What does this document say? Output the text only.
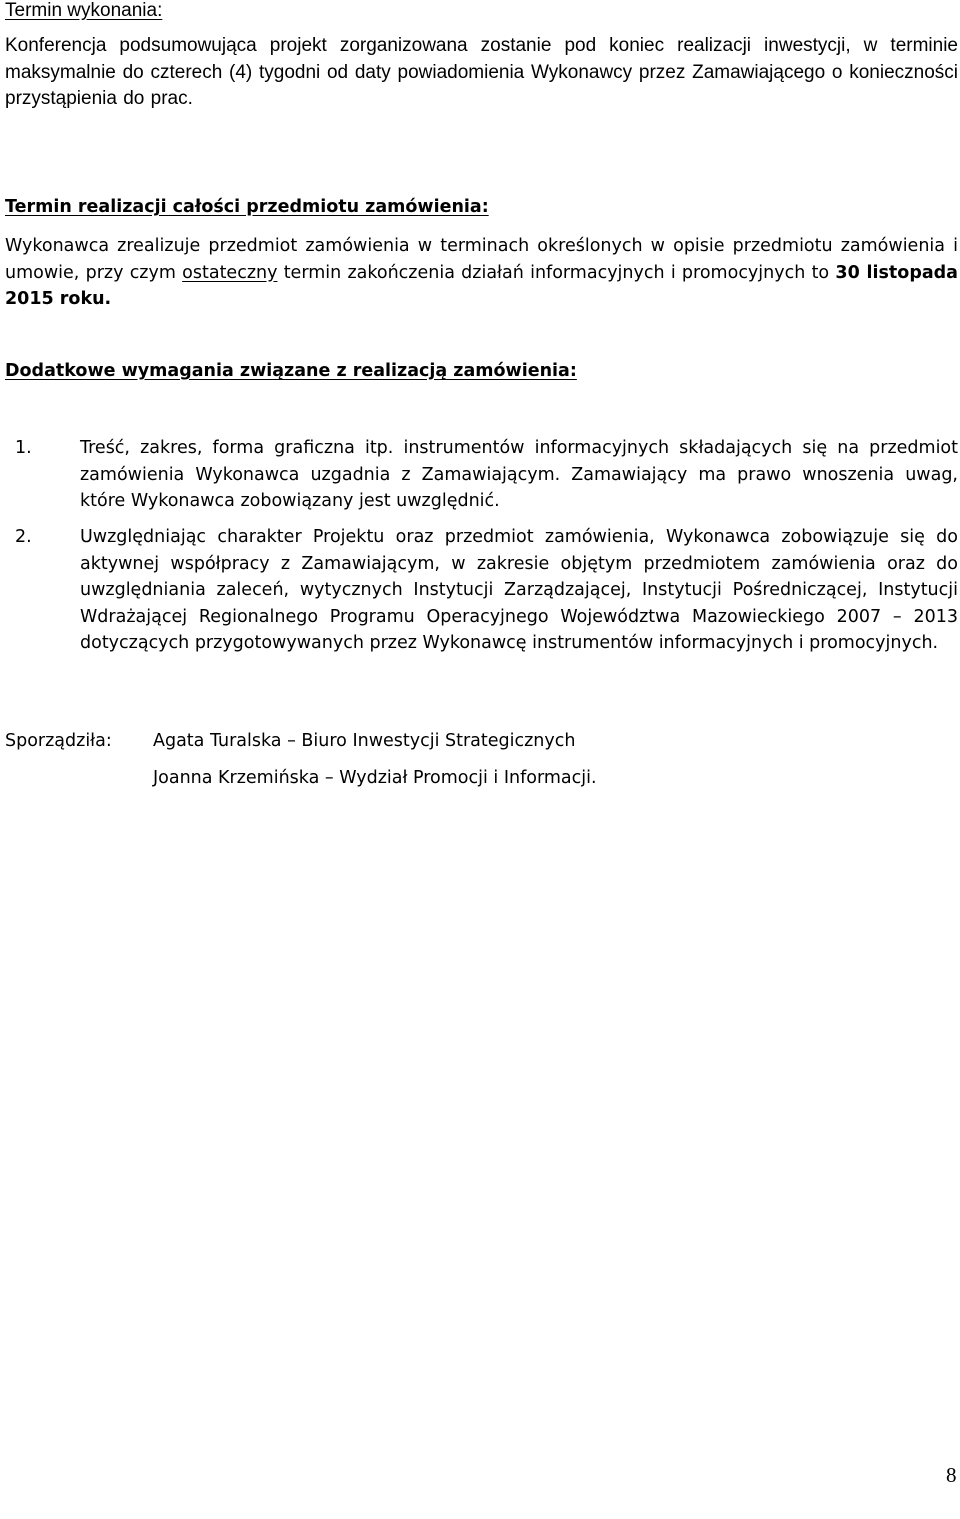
Termin wykonania:
Konferencja podsumowująca projekt zorganizowana zostanie pod koniec realizacji inwestycji, w terminie maksymalnie do czterech (4) tygodni od daty powiadomienia Wykonawcy przez Zamawiającego o konieczności przystąpienia do prac.
Termin realizacji całości przedmiotu zamówienia:
Wykonawca zrealizuje przedmiot zamówienia w terminach określonych w opisie przedmiotu zamówienia i umowie, przy czym ostateczny termin zakończenia działań informacyjnych i promocyjnych to 30 listopada 2015 roku.
Dodatkowe wymagania związane z realizacją zamówienia:
1.	Treść, zakres, forma graficzna itp. instrumentów informacyjnych składających się na przedmiot zamówienia Wykonawca uzgadnia z Zamawiającym. Zamawiający ma prawo wnoszenia uwag, które Wykonawca zobowiązany jest uwzględnić.
2.	Uwzględniając charakter Projektu oraz przedmiot zamówienia, Wykonawca zobowiązuje się do aktywnej współpracy z Zamawiającym, w zakresie objętym przedmiotem zamówienia oraz do uwzględniania zaleceń, wytycznych Instytucji Zarządzającej, Instytucji Pośredniczącej, Instytucji Wdrażającej Regionalnego Programu Operacyjnego Województwa Mazowieckiego 2007 – 2013 dotyczących przygotowywanych przez Wykonawcę instrumentów informacyjnych i promocyjnych.
Sporządziła: Agata Turalska – Biuro Inwestycji Strategicznych
Joanna Krzemińska – Wydział Promocji i Informacji.
8
